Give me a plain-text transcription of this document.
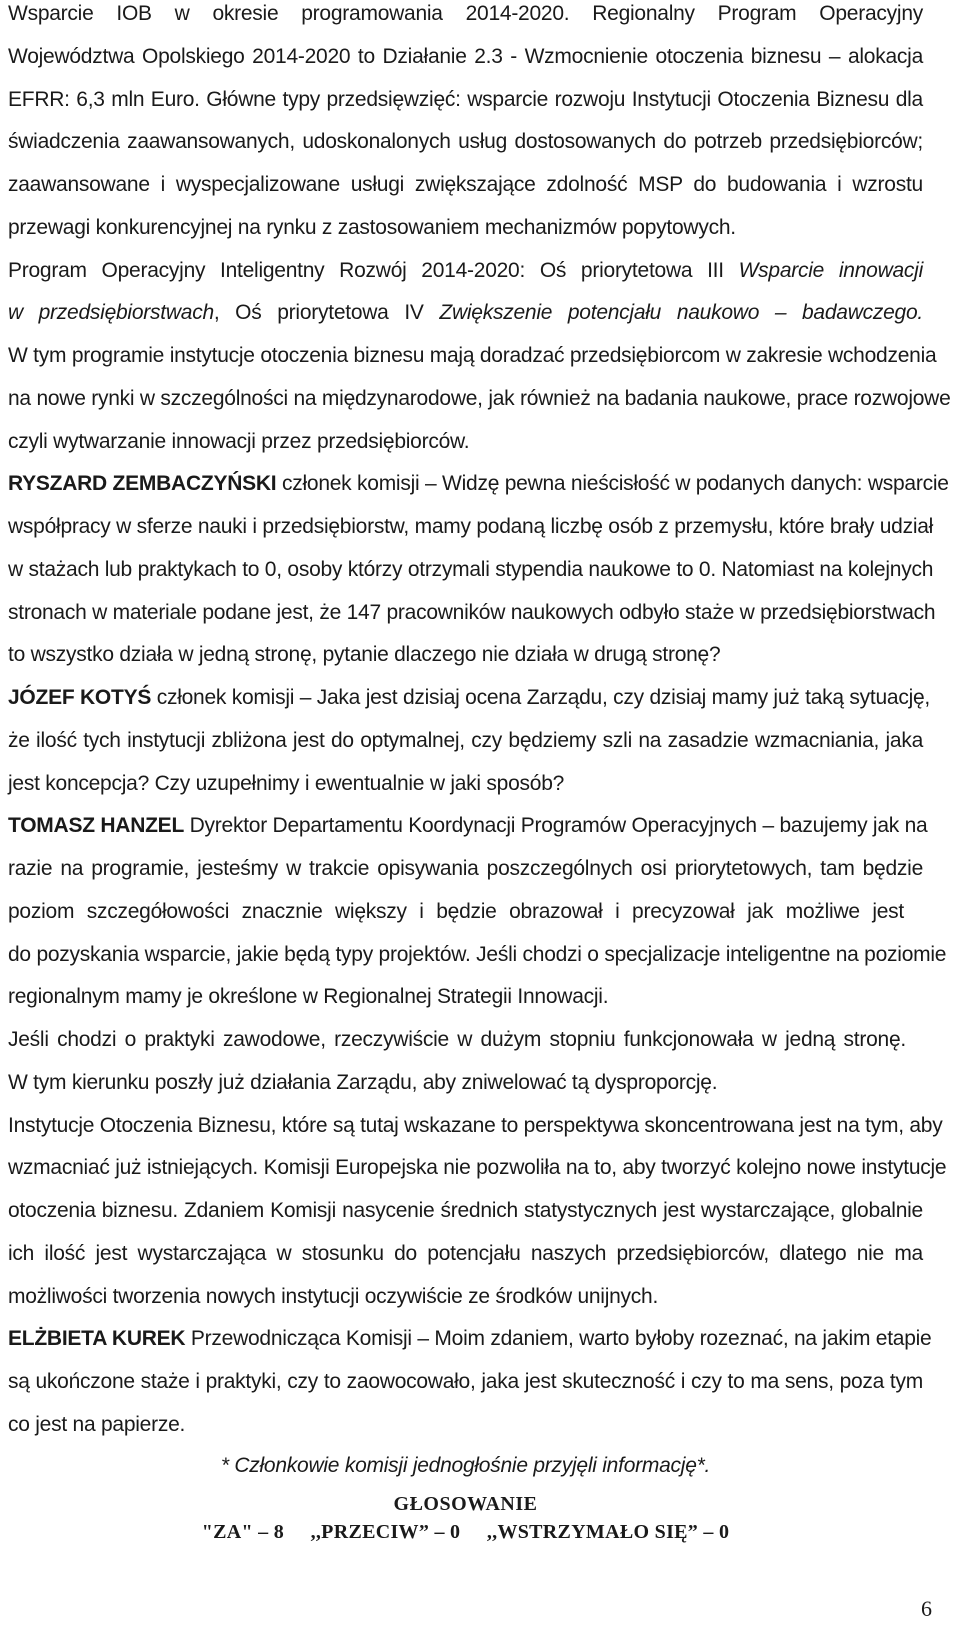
Wsparcie IOB w okresie programowania 2014-2020. Regionalny Program Operacyjny
Województwa Opolskiego 2014-2020 to Działanie 2.3 - Wzmocnienie otoczenia biznesu – alokacja
EFRR: 6,3 mln Euro. Główne typy przedsięwzięć: wsparcie rozwoju Instytucji Otoczenia Biznesu dla
świadczenia zaawansowanych, udoskonalonych usług dostosowanych do potrzeb przedsiębiorców;
zaawansowane i wyspecjalizowane usługi zwiększające zdolność MSP do budowania i wzrostu
przewagi konkurencyjnej na rynku z zastosowaniem mechanizmów popytowych.
Program Operacyjny Inteligentny Rozwój 2014-2020: Oś priorytetowa III Wsparcie innowacji
w przedsiębiorstwach, Oś priorytetowa IV Zwiększenie potencjału naukowo – badawczego.
W tym programie instytucje otoczenia biznesu mają doradzać przedsiębiorcom w zakresie wchodzenia
na nowe rynki w szczególności na międzynarodowe, jak również na badania naukowe, prace rozwojowe
czyli wytwarzanie innowacji przez przedsiębiorców.
RYSZARD ZEMBACZYŃSKI członek komisji – Widzę pewna nieścisłość w podanych danych: wsparcie
współpracy w sferze nauki i przedsiębiorstw, mamy podaną liczbę osób z przemysłu, które brały udział
w stażach lub praktykach to 0, osoby którzy otrzymali stypendia naukowe to 0. Natomiast na kolejnych
stronach w materiale podane jest, że 147 pracowników naukowych odbyło staże w przedsiębiorstwach
to wszystko działa w jedną stronę, pytanie dlaczego nie działa w drugą stronę?
JÓZEF KOTYŚ członek komisji – Jaka jest dzisiaj ocena Zarządu, czy dzisiaj mamy już taką sytuację,
że ilość tych instytucji zbliżona jest do optymalnej, czy będziemy szli na zasadzie wzmacniania, jaka
jest koncepcja? Czy uzupełnimy i ewentualnie w jaki sposób?
TOMASZ HANZEL Dyrektor Departamentu Koordynacji Programów Operacyjnych – bazujemy jak na
razie na programie, jesteśmy w trakcie opisywania poszczególnych osi priorytetowych, tam będzie
poziom szczegółowości znacznie większy i będzie obrazował i precyzował jak możliwe jest
do pozyskania wsparcie, jakie będą typy projektów. Jeśli chodzi o specjalizacje inteligentne na poziomie
regionalnym mamy je określone w Regionalnej Strategii Innowacji.
Jeśli chodzi o praktyki zawodowe, rzeczywiście w dużym stopniu funkcjonowała w jedną stronę.
W tym kierunku poszły już działania Zarządu, aby zniwelować tą dysproporcję.
Instytucje Otoczenia Biznesu, które są tutaj wskazane to perspektywa skoncentrowana jest na tym, aby
wzmacniać już istniejących. Komisji Europejska nie pozwoliła na to, aby tworzyć kolejno nowe instytucje
otoczenia biznesu. Zdaniem Komisji nasycenie średnich statystycznych jest wystarczające, globalnie
ich ilość jest wystarczająca w stosunku do potencjału naszych przedsiębiorców, dlatego nie ma
możliwości tworzenia nowych instytucji oczywiście ze środków unijnych.
ELŻBIETA KUREK Przewodnicząca Komisji – Moim zdaniem, warto byłoby rozeznać, na jakim etapie
są ukończone staże i praktyki, czy to zaowocowało, jaka jest skuteczność i czy to ma sens, poza tym
co jest na papierze.
* Członkowie komisji jednogłośnie przyjęli informację*.
GŁOSOWANIE
"ZA" – 8     ,,PRZECIW” – 0     ,,WSTRZYMAŁO SIĘ” – 0
6
